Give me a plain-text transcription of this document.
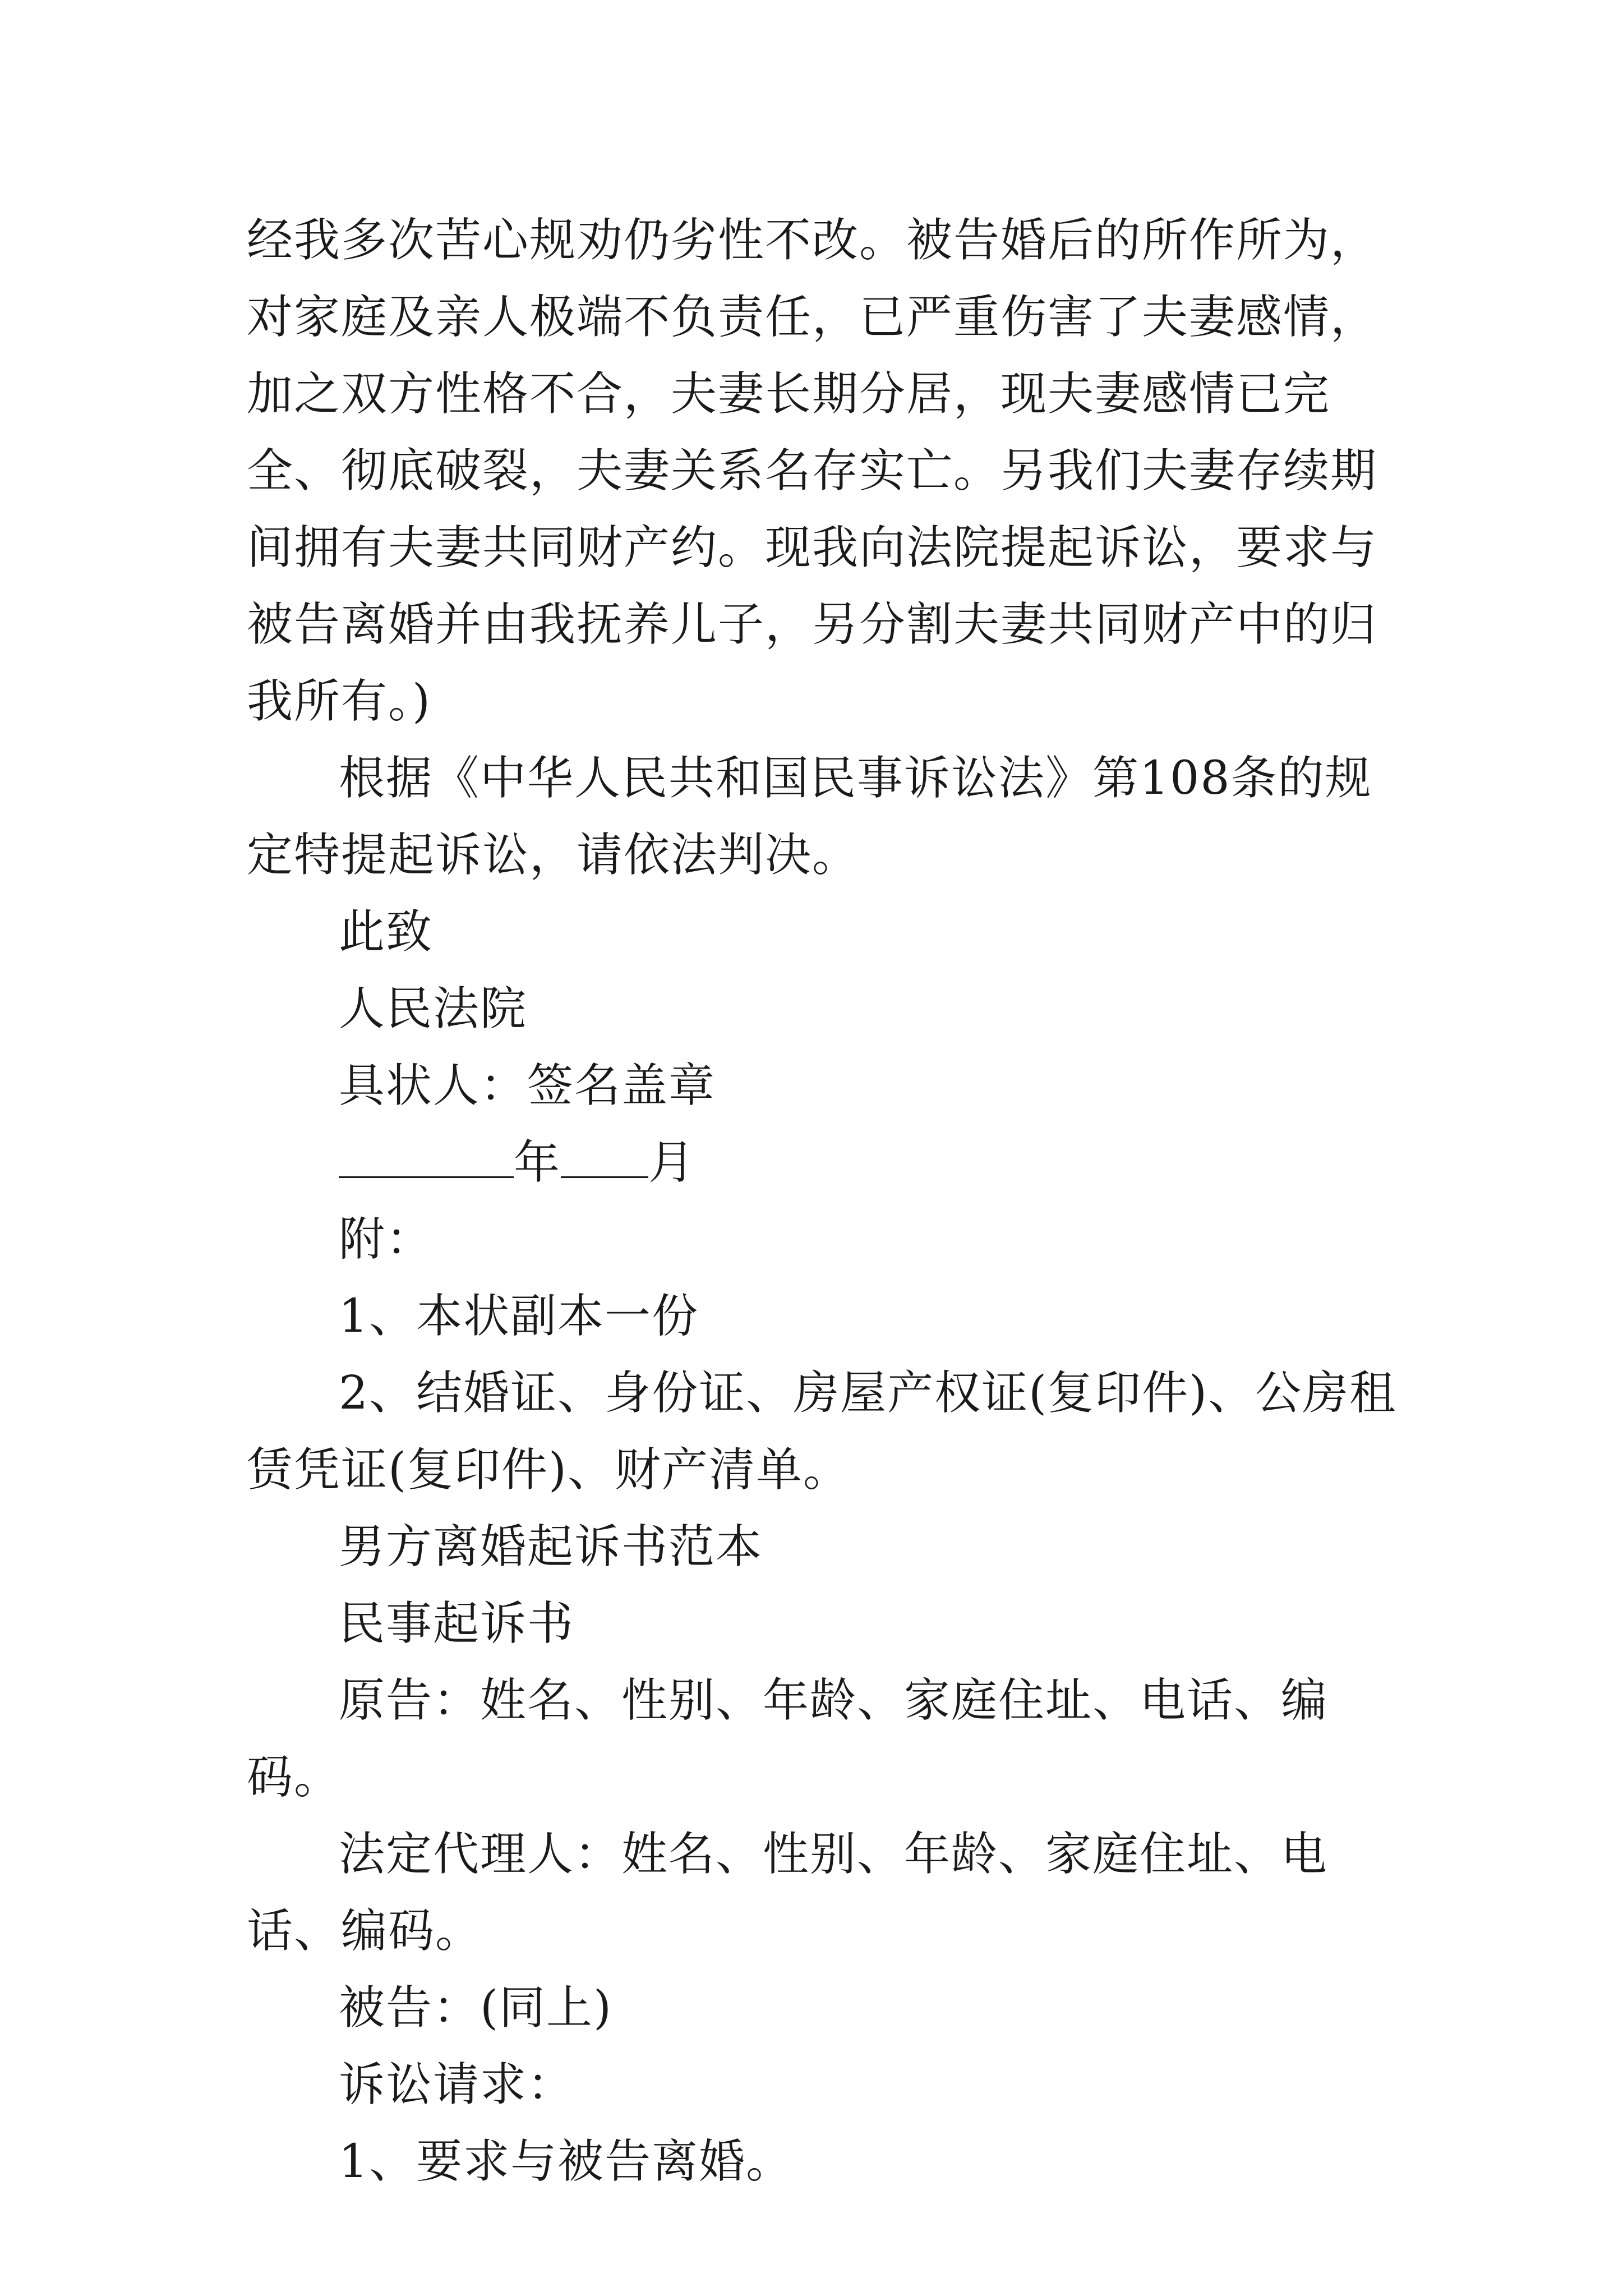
经我多次苦心规劝仍劣性不改。被告婚后的所作所为，对家庭及亲人极端不负责任，已严重伤害了夫妻感情，加之双方性格不合，夫妻长期分居，现夫妻感情已完全、彻底破裂，夫妻关系名存实亡。另我们夫妻存续期间拥有夫妻共同财产约。现我向法院提起诉讼，要求与被告离婚并由我抚养儿子，另分割夫妻共同财产中的归我所有。)

根据《中华人民共和国民事诉讼法》第108条的规定特提起诉讼，请依法判决。

此致

人民法院

具状人：签名盖章

年 月

附：

1、本状副本一份

2、结婚证、身份证、房屋产权证(复印件)、公房租赁凭证(复印件)、财产清单。

男方离婚起诉书范本

民事起诉书

原告：姓名、性别、年龄、家庭住址、电话、编码。

法定代理人：姓名、性别、年龄、家庭住址、电话、编码。

被告：(同上)

诉讼请求：

1、要求与被告离婚。
